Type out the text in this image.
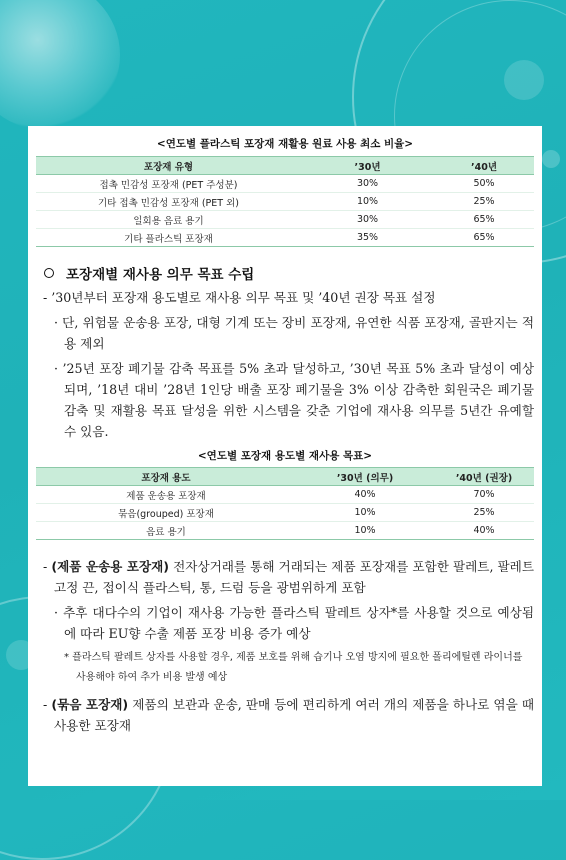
<연도별 플라스틱 포장재 재활용 원료 사용 최소 비율>

포장재 유형	’30년	’40년
접촉 민감성 포장재 (PET 주성분)	30%	50%
기타 접촉 민감성 포장재 (PET 외)	10%	25%
일회용 음료 용기	30%	65%
기타 플라스틱 포장재	35%	65%

포장재별 재사용 의무 목표 수립

- ’30년부터 포장재 용도별로 재사용 의무 목표 및 ’40년 권장 목표 설정

· 단, 위험물 운송용 포장, 대형 기계 또는 장비 포장재, 유연한 식품 포장재, 골판지는 적용 제외

· ’25년 포장 폐기물 감축 목표를 5% 초과 달성하고, ’30년 목표 5% 초과 달성이 예상되며, ’18년 대비 ’28년 1인당 배출 포장 폐기물을 3% 이상 감축한 회원국은 폐기물 감축 및 재활용 목표 달성을 위한 시스템을 갖춘 기업에 재사용 의무를 5년간 유예할 수 있음.

<연도별 포장재 용도별 재사용 목표>

포장재 용도	’30년 (의무)	’40년 (권장)
제품 운송용 포장재	40%	70%
묶음(grouped) 포장재	10%	25%
음료 용기	10%	40%

- (제품 운송용 포장재) 전자상거래를 통해 거래되는 제품 포장재를 포함한 팔레트, 팔레트 고정 끈, 접이식 플라스틱, 통, 드럼 등을 광범위하게 포함

· 추후 대다수의 기업이 재사용 가능한 플라스틱 팔레트 상자*를 사용할 것으로 예상됨에 따라 EU향 수출 제품 포장 비용 증가 예상

* 플라스틱 팔레트 상자를 사용할 경우, 제품 보호를 위해 습기나 오염 방지에 필요한 폴리에틸렌 라이너를 사용해야 하여 추가 비용 발생 예상

- (묶음 포장재) 제품의 보관과 운송, 판매 등에 편리하게 여러 개의 제품을 하나로 엮을 때 사용한 포장재
